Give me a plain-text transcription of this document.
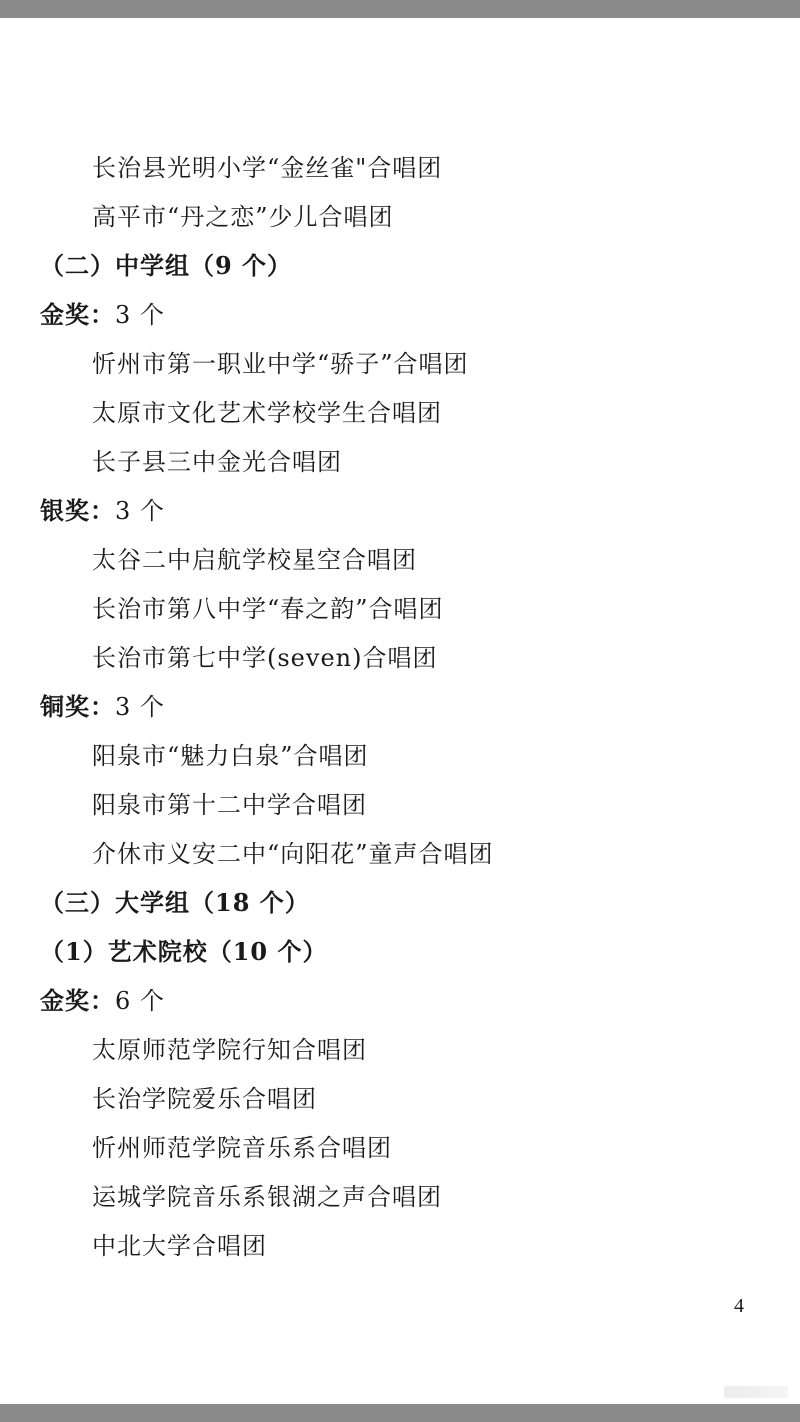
长治县光明小学“金丝雀"合唱团
高平市“丹之恋”少儿合唱团
（二）中学组（9 个）
金奖：3 个
忻州市第一职业中学“骄子”合唱团
太原市文化艺术学校学生合唱团
长子县三中金光合唱团
银奖：3 个
太谷二中启航学校星空合唱团
长治市第八中学“春之韵”合唱团
长治市第七中学(seven)合唱团
铜奖：3 个
阳泉市“魅力白泉”合唱团
阳泉市第十二中学合唱团
介休市义安二中“向阳花”童声合唱团
（三）大学组（18 个）
（1）艺术院校（10 个）
金奖：6 个
太原师范学院行知合唱团
长治学院爱乐合唱团
忻州师范学院音乐系合唱团
运城学院音乐系银湖之声合唱团
中北大学合唱团
4
